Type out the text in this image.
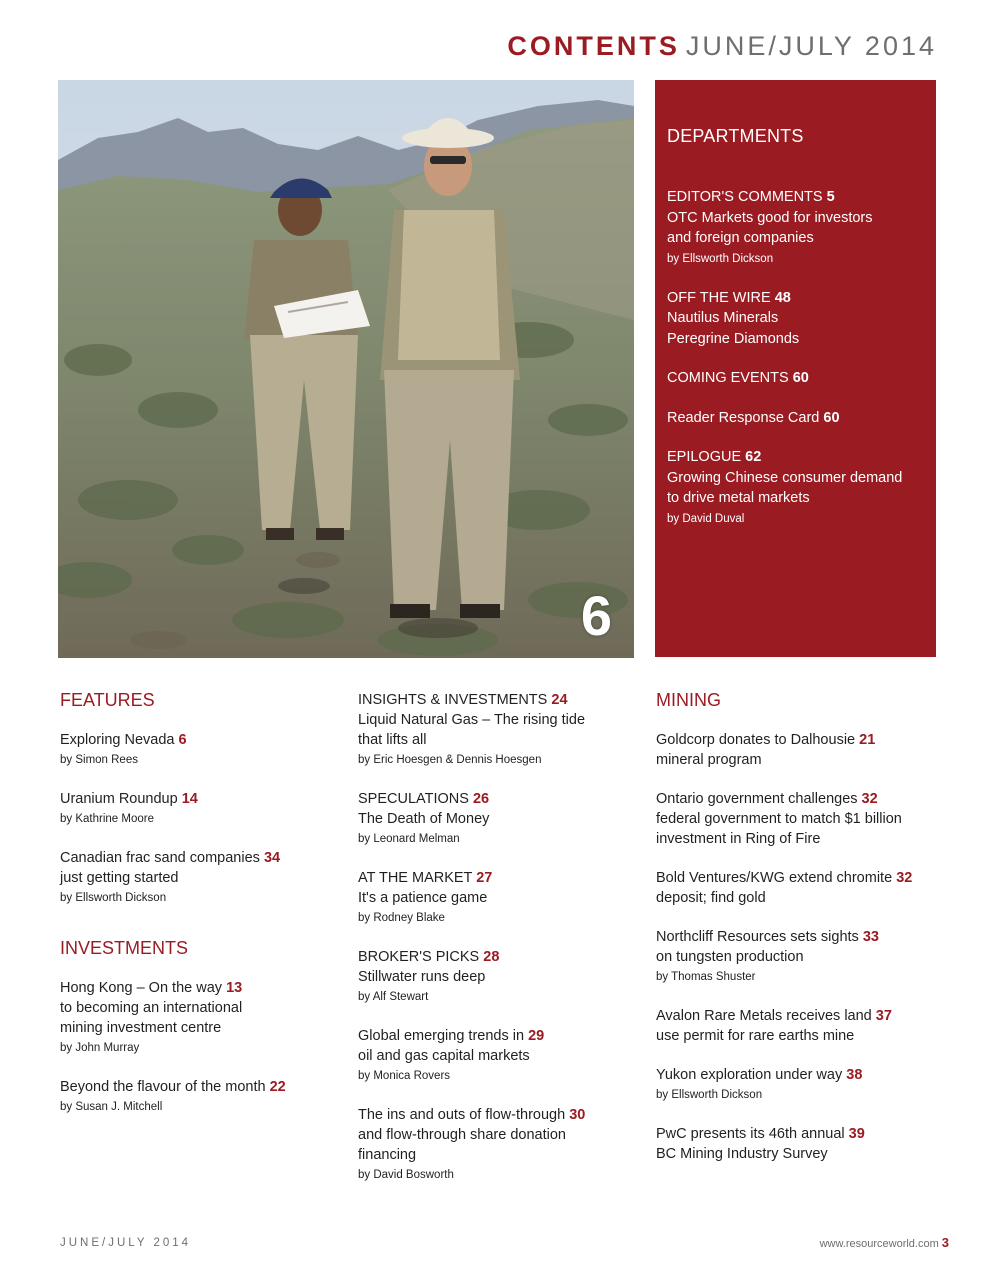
CONTENTS JUNE/JULY 2014
6
DEPARTMENTS
EDITOR'S COMMENTS 5
OTC Markets good for investors
and foreign companies
by Ellsworth Dickson
OFF THE WIRE 48
Nautilus Minerals
Peregrine Diamonds
COMING EVENTS 60
Reader Response Card 60
EPILOGUE 62
Growing Chinese consumer demand
to drive metal markets
by David Duval
FEATURES
Exploring Nevada 6
by Simon Rees
Uranium Roundup 14
by Kathrine Moore
Canadian frac sand companies 34
just getting started
by Ellsworth Dickson
INVESTMENTS
Hong Kong – On the way 13
to becoming an international
mining investment centre
by John Murray
Beyond the flavour of the month 22
by Susan J. Mitchell
INSIGHTS & INVESTMENTS 24
Liquid Natural Gas – The rising tide
that lifts all
by Eric Hoesgen & Dennis Hoesgen
SPECULATIONS 26
The Death of Money
by Leonard Melman
AT THE MARKET 27
It's a patience game
by Rodney Blake
BROKER'S PICKS 28
Stillwater runs deep
by Alf Stewart
Global emerging trends in 29
oil and gas capital markets
by Monica Rovers
The ins and outs of flow-through 30
and flow-through share donation
financing
by David Bosworth
MINING
Goldcorp donates to Dalhousie 21
mineral program
Ontario government challenges 32
federal government to match $1 billion
investment in Ring of Fire
Bold Ventures/KWG extend chromite 32
deposit; find gold
Northcliff Resources sets sights 33
on tungsten production
by Thomas Shuster
Avalon Rare Metals receives land 37
use permit for rare earths mine
Yukon exploration under way 38
by Ellsworth Dickson
PwC presents its 46th annual 39
BC Mining Industry Survey
JUNE/JULY 2014	www.resourceworld.com 3
